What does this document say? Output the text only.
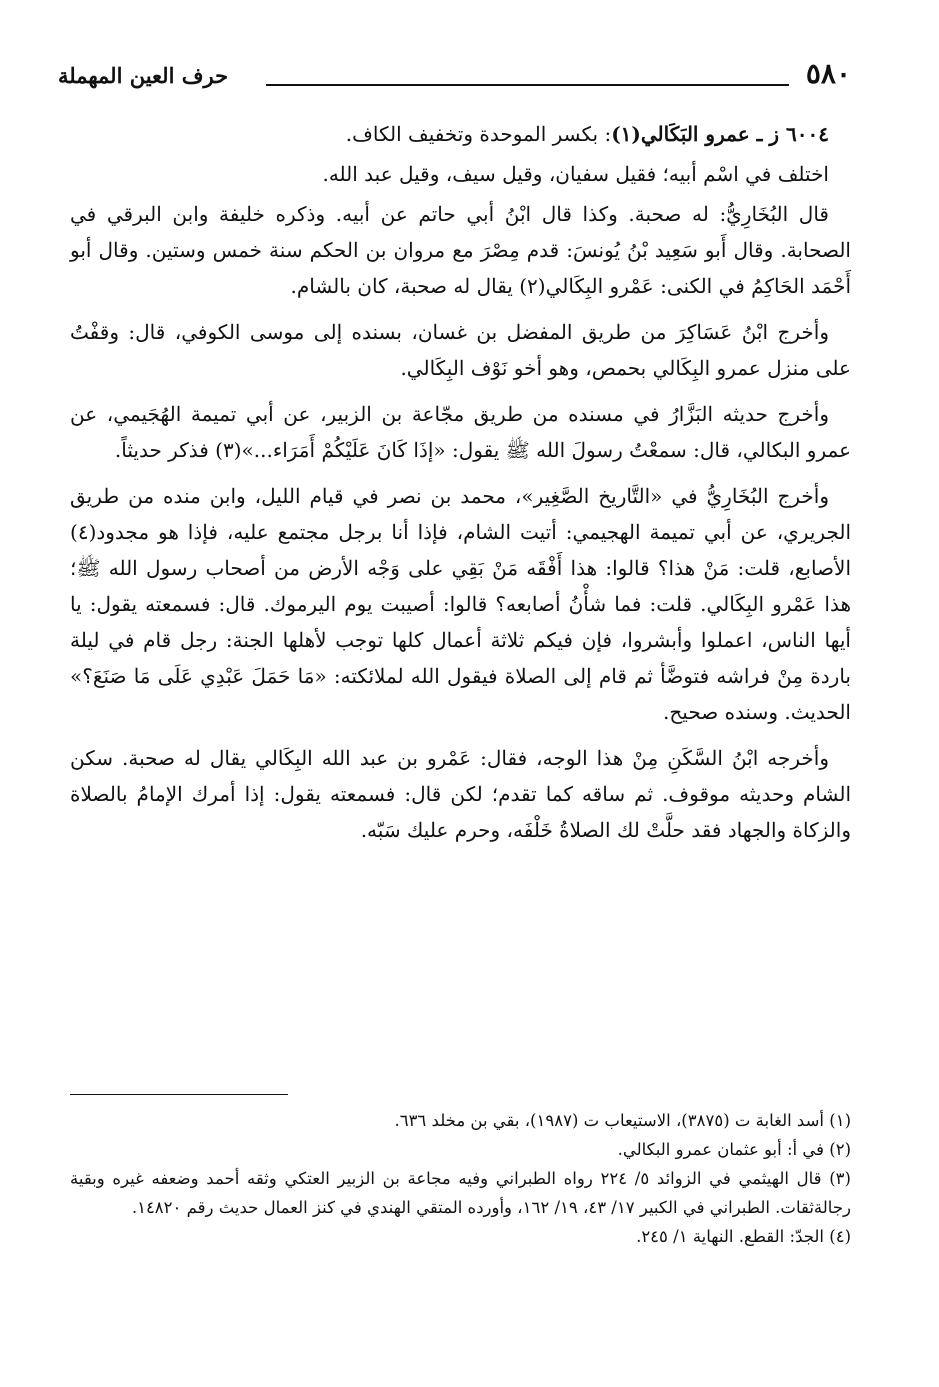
٥٨٠
حرف العين المهملة

٦٠٠٤ ز ـ عمرو البَكَالي(١): بكسر الموحدة وتخفيف الكاف.

اختلف في اسْم أبيه؛ فقيل سفيان، وقيل سيف، وقيل عبد الله.

قال البُخَارِيُّ: له صحبة. وكذا قال ابْنُ أبي حاتم عن أبيه. وذكره خليفة وابن البرقي في الصحابة. وقال أَبو سَعِيد بْنُ يُونسَ: قدم مِصْرَ مع مروان بن الحكم سنة خمس وستين. وقال أبو أَحْمَد الحَاكِمُ في الكنى: عَمْرو البِكَالي(٢) يقال له صحبة، كان بالشام.

وأخرج ابْنُ عَسَاكِرَ من طريق المفضل بن غسان، بسنده إلى موسى الكوفي، قال: وقفْتُ على منزل عمرو البِكَالي بحمص، وهو أخو نَوْف البِكَالي.

وأخرج حديثه البَزَّارُ في مسنده من طريق مجّاعة بن الزبير، عن أبي تميمة الهُجَيمي، عن عمرو البكالي، قال: سمعْتُ رسولَ الله ﷺ يقول: «إذَا كَانَ عَلَيْكُمْ أَمَرَاء...»(٣) فذكر حديثاً.

وأخرج البُخَارِيُّ في «التَّاريخ الصَّغِير»، محمد بن نصر في قيام الليل، وابن منده من طريق الجريري، عن أبي تميمة الهجيمي: أتيت الشام، فإذا أنا برجل مجتمع عليه، فإذا هو مجدود(٤) الأصابع، قلت: مَنْ هذا؟ قالوا: هذا أَفْقَه مَنْ بَقِي على وَجْه الأرض من أصحاب رسول الله ﷺ؛ هذا عَمْرو البِكَالي. قلت: فما شأْنُ أصابعه؟ قالوا: أصيبت يوم اليرموك. قال: فسمعته يقول: يا أيها الناس، اعملوا وأبشروا، فإن فيكم ثلاثة أعمال كلها توجب لأهلها الجنة: رجل قام في ليلة باردة مِنْ فراشه فتوضَّأ ثم قام إلى الصلاة فيقول الله لملائكته: «مَا حَمَلَ عَبْدِي عَلَى مَا صَنَعَ؟» الحديث. وسنده صحيح.

وأخرجه ابْنُ السَّكَنِ مِنْ هذا الوجه، فقال: عَمْرو بن عبد الله البِكَالي يقال له صحبة. سكن الشام وحديثه موقوف. ثم ساقه كما تقدم؛ لكن قال: فسمعته يقول: إذا أمرك الإمامُ بالصلاة والزكاة والجهاد فقد حلَّتْ لك الصلاةُ خَلْفَه، وحرم عليك سَبّه.

(١) أسد الغابة ت (٣٨٧٥)، الاستيعاب ت (١٩٨٧)، بقي بن مخلد ٦٣٦.

(٢) في أ: أبو عثمان عمرو البكالي.

(٣) قال الهيثمي في الزوائد ٥/ ٢٢٤ رواه الطبراني وفيه مجاعة بن الزبير العتكي وثقه أحمد وضعفه غيره وبقية رجالةثقات. الطبراني في الكبير ١٧/ ٤٣، ١٩/ ١٦٢، وأورده المتقي الهندي في كنز العمال حديث رقم ١٤٨٢٠.

(٤) الجدّ: القطع. النهاية ١/ ٢٤٥.
